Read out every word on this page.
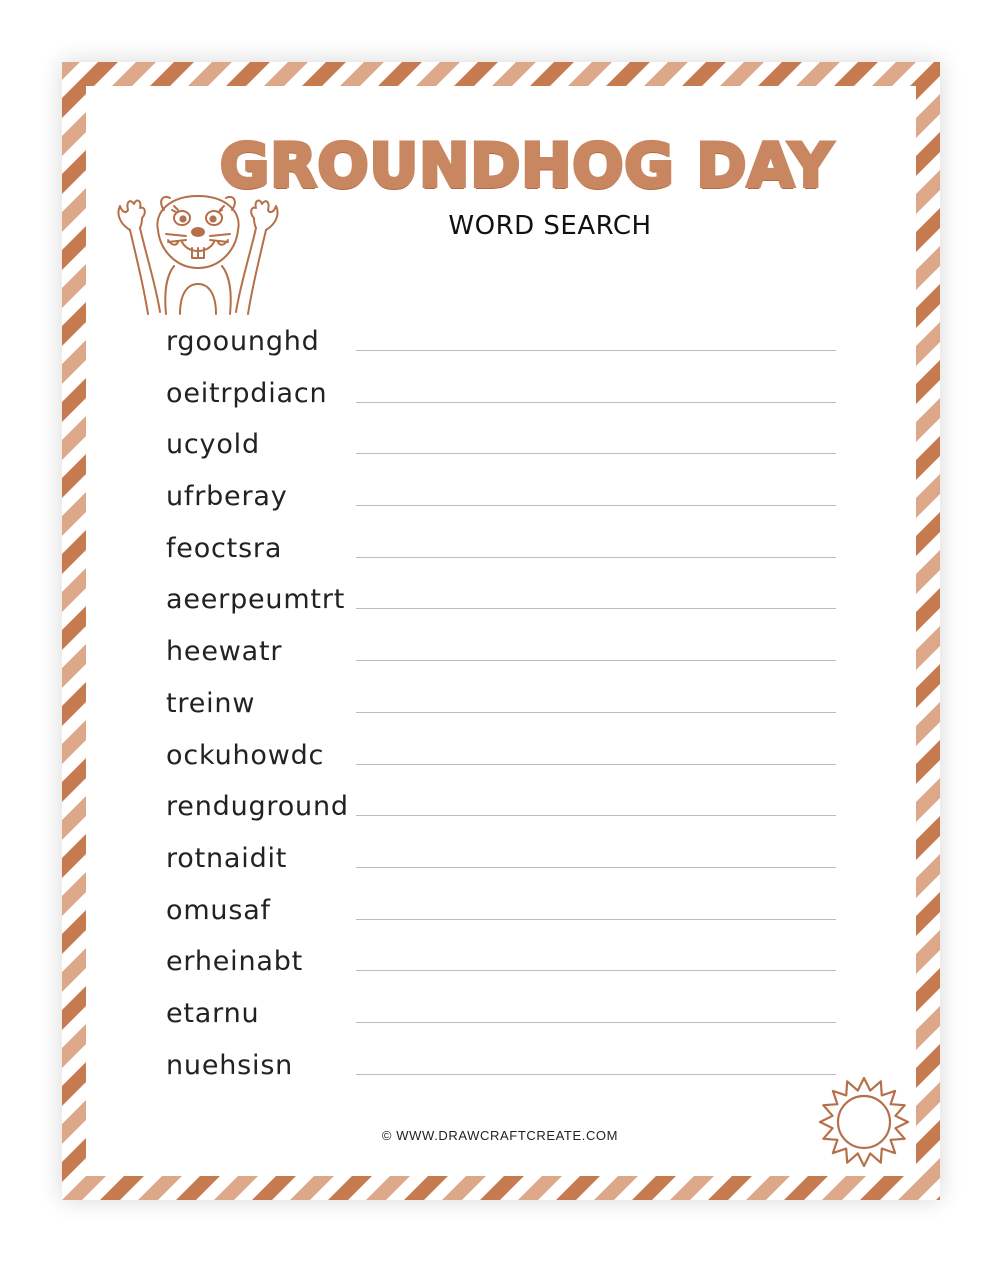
GROUNDHOG DAY
WORD SEARCH
rgoounghd
oeitrpdiacn
ucyold
ufrberay
feoctsra
aeerpeumtrt
heewatr
treinw
ockuhowdc
renduground
rotnaidit
omusaf
erheinabt
etarnu
nuehsisn
© WWW.DRAWCRAFTCREATE.COM
